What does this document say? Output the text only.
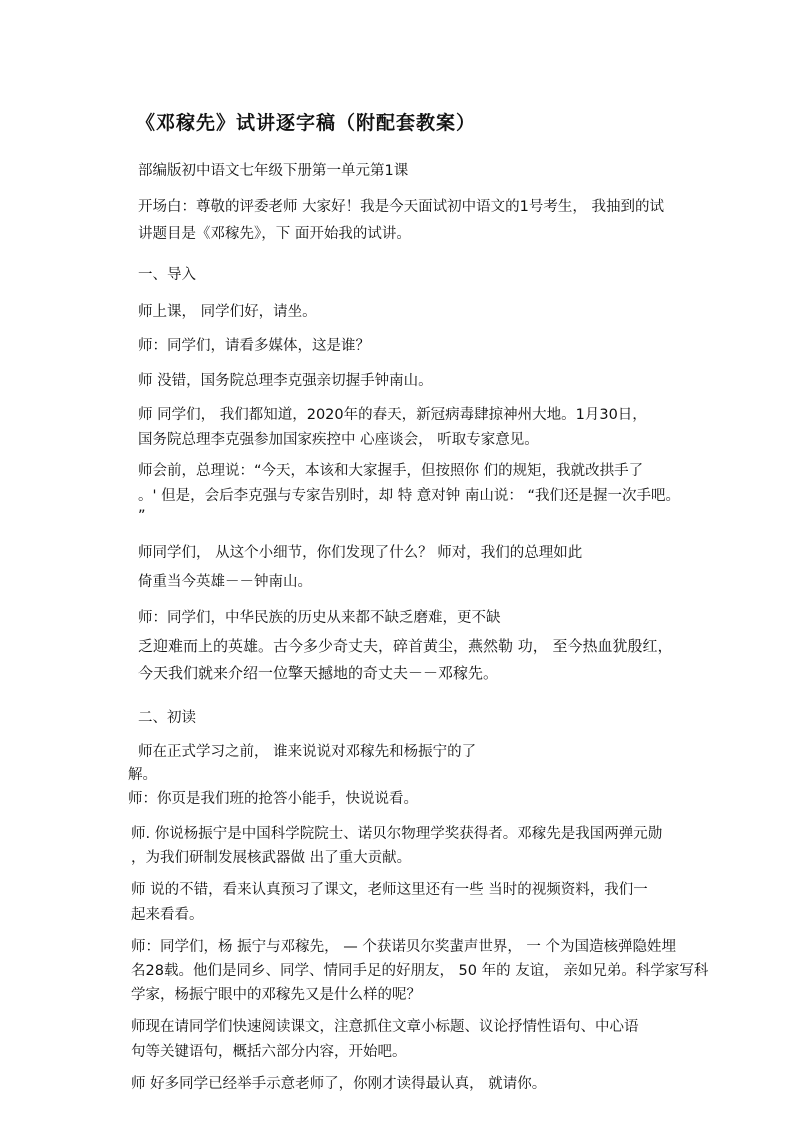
《邓稼先》试讲逐字稿（附配套教案）
部编版初中语文七年级下册第一单元第1课
开场白：尊敬的评委老师 大家好！我是今天面试初中语文的1号考生， 我抽到的试
讲题目是《邓稼先》，下 面开始我的试讲。
一、导入
师上课， 同学们好，请坐。
师：同学们，请看多媒体，这是谁？
师 没错，国务院总理李克强亲切握手钟南山。
师 同学们， 我们都知道，2020年的春天，新冠病毒肆掠神州大地。1月30日，
国务院总理李克强参加国家疾控中 心座谈会， 听取专家意见。
师会前，总理说：“今天，本该和大家握手，但按照你 们的规矩，我就改拱手了
。' 但是，会后李克强与专家告别时，却 特 意对钟 南山说： “我们还是握一次手吧。
”
师同学们， 从这个小细节，你们发现了什么？ 师对，我们的总理如此
倚重当今英雄－－钟南山。
师：同学们，中华民族的历史从来都不缺乏磨难，更不缺
乏迎难而上的英雄。古今多少奇丈夫，碎首黄尘，燕然勒 功， 至今热血犹殷红，
今天我们就来介绍一位擎天撼地的奇丈夫－－邓稼先。
二、初读
师在正式学习之前， 谁来说说对邓稼先和杨振宁的了
解。
师：你页是我们班的抢答小能手，快说说看。
师. 你说杨振宁是中国科学院院士、诺贝尔物理学奖获得者。邓稼先是我国两弹元勋
，为我们研制发展核武器做 出了重大贡献。
师 说的不错，看来认真预习了课文，老师这里还有一些 当时的视频资料，我们一
起来看看。
师：同学们，杨 振宁与邓稼先， — 个获诺贝尔奖蜚声世界， 一 个为国造核弹隐姓埋
名28载。他们是同乡、同学、情同手足的好朋友， 50 年的 友谊， 亲如兄弟。科学家写科
学家，杨振宁眼中的邓稼先又是什么样的呢？
师现在请同学们快速阅读课文，注意抓住文章小标题、议论抒情性语句、中心语
句等关键语句，概括六部分内容，开始吧。
师 好多同学已经举手示意老师了，你刚才读得最认真， 就请你。
